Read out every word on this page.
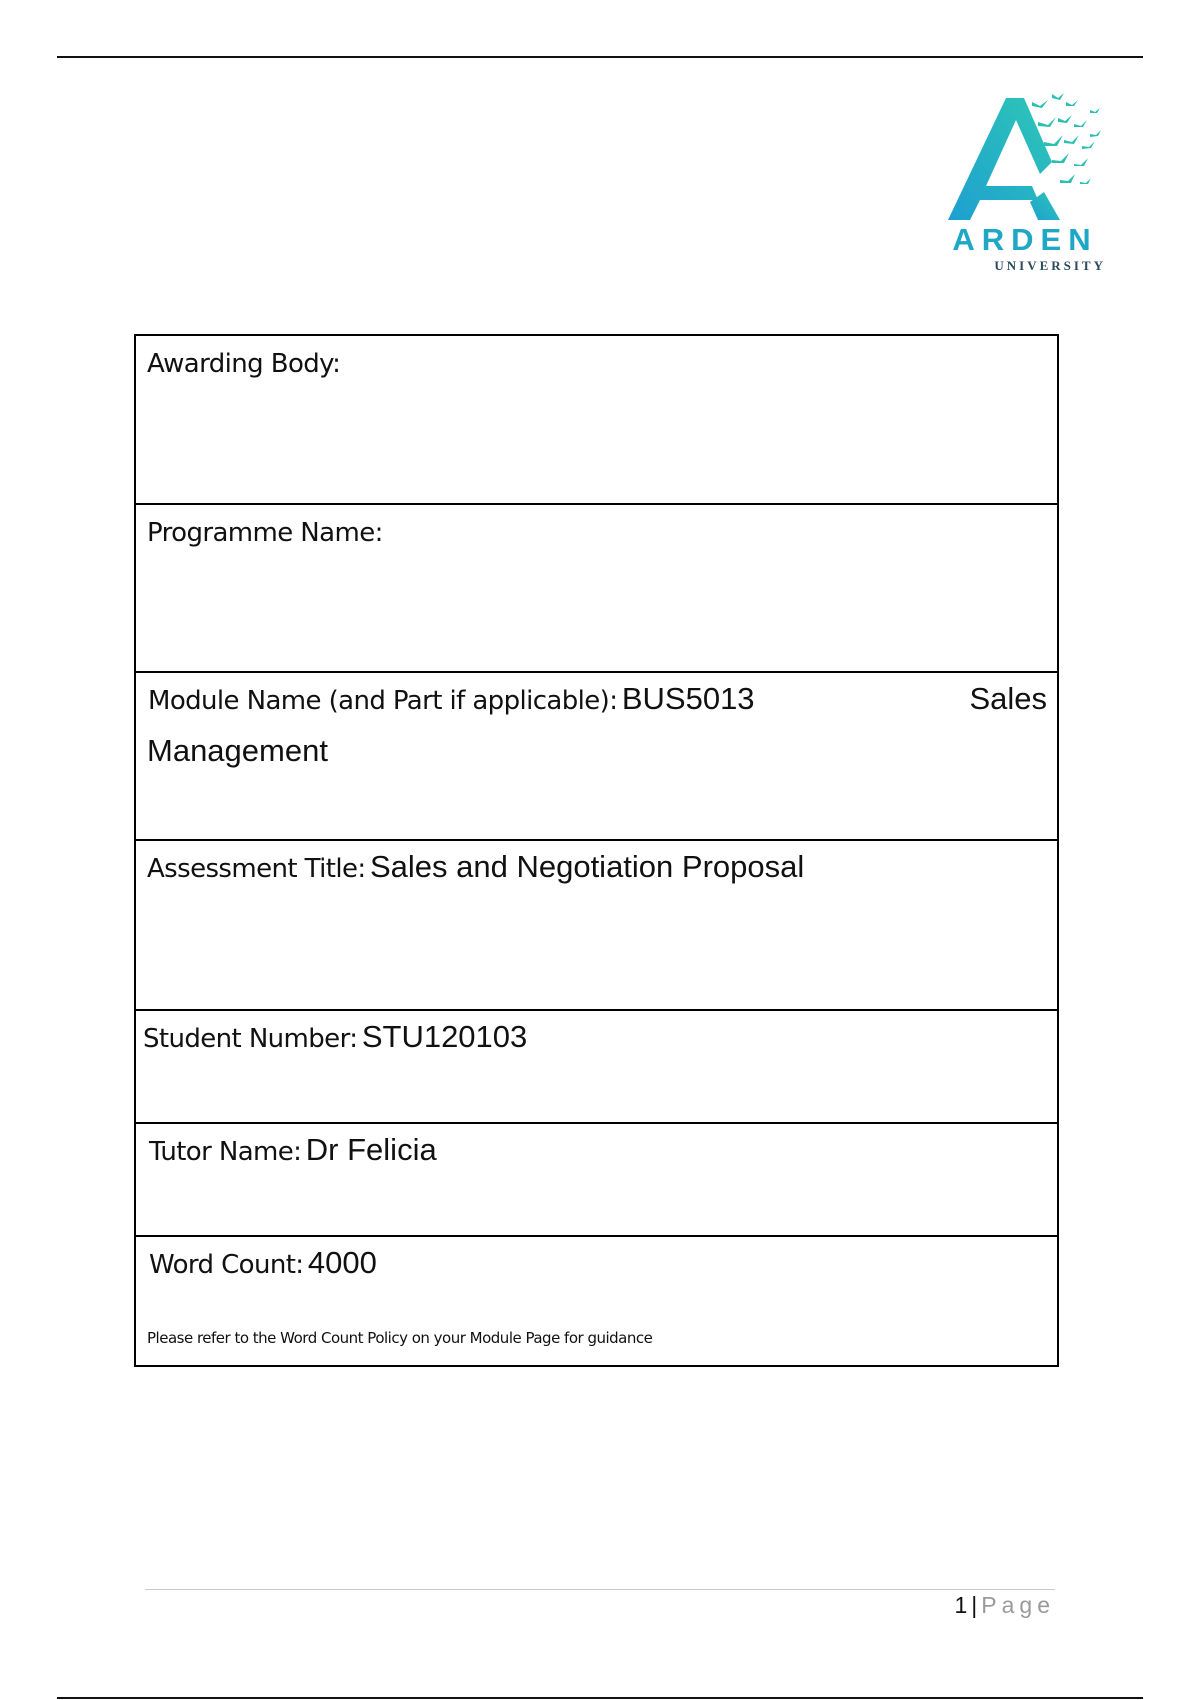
ARDEN
UNIVERSITY
Awarding Body:
Programme Name:
Module Name (and Part if applicable): BUS5013	Sales
Management
Assessment Title: Sales and Negotiation Proposal
Student Number: STU120103
Tutor Name: Dr Felicia
Word Count: 4000
Please refer to the Word Count Policy on your Module Page for guidance
1 | Page
